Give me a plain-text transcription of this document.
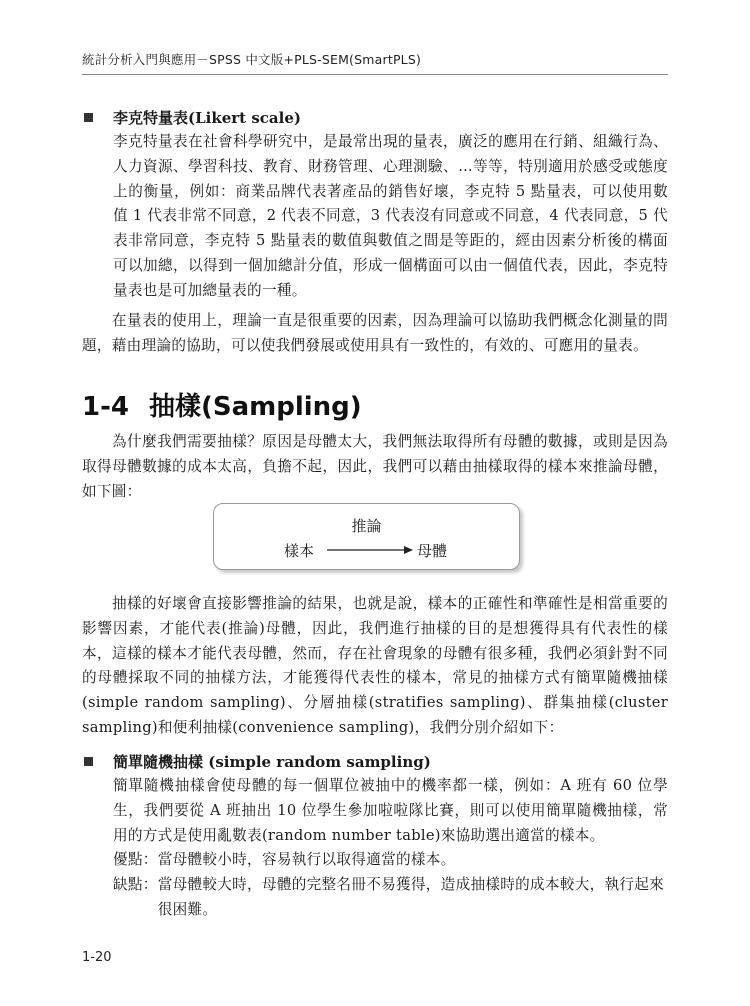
統計分析入門與應用－SPSS 中文版+PLS-SEM(SmartPLS)
李克特量表(Likert scale)
李克特量表在社會科學研究中，是最常出現的量表，廣泛的應用在行銷、組織行為、人力資源、學習科技、教育、財務管理、心理測驗、…等等，特別適用於感受或態度上的衡量，例如：商業品牌代表著產品的銷售好壞，李克特 5 點量表，可以使用數值 1 代表非常不同意，2 代表不同意，3 代表沒有同意或不同意，4 代表同意，5 代表非常同意，李克特 5 點量表的數值與數值之間是等距的，經由因素分析後的構面可以加總，以得到一個加總計分值，形成一個構面可以由一個值代表，因此，李克特量表也是可加總量表的一種。
在量表的使用上，理論一直是很重要的因素，因為理論可以協助我們概念化測量的問題，藉由理論的協助，可以使我們發展或使用具有一致性的，有效的、可應用的量表。
1-4 抽樣(Sampling)
為什麼我們需要抽樣？原因是母體太大，我們無法取得所有母體的數據，或則是因為取得母體數據的成本太高，負擔不起，因此，我們可以藉由抽樣取得的樣本來推論母體，如下圖：
推論
樣本	母體
抽樣的好壞會直接影響推論的結果，也就是說，樣本的正確性和準確性是相當重要的影響因素，才能代表(推論)母體，因此，我們進行抽樣的目的是想獲得具有代表性的樣本，這樣的樣本才能代表母體，然而，存在社會現象的母體有很多種，我們必須針對不同的母體採取不同的抽樣方法，才能獲得代表性的樣本，常見的抽樣方式有簡單隨機抽樣(simple random sampling)、分層抽樣(stratifies sampling)、群集抽樣(cluster sampling)和便利抽樣(convenience sampling)，我們分別介紹如下：
簡單隨機抽樣 (simple random sampling)
簡單隨機抽樣會使母體的每一個單位被抽中的機率都一樣，例如：A 班有 60 位學生，我們要從 A 班抽出 10 位學生參加啦啦隊比賽，則可以使用簡單隨機抽樣，常用的方式是使用亂數表(random number table)來協助選出適當的樣本。
優點： 當母體較小時，容易執行以取得適當的樣本。
缺點： 當母體較大時，母體的完整名冊不易獲得，造成抽樣時的成本較大，執行起來很困難。
1-20
